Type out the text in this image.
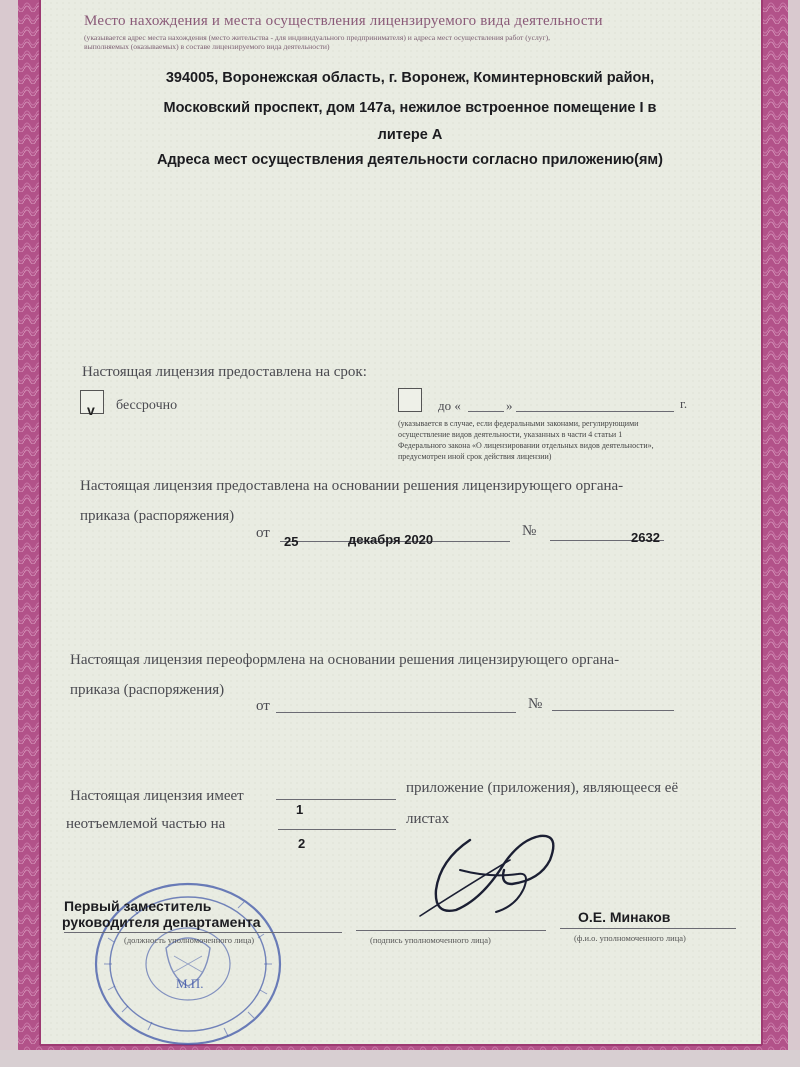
Место нахождения и места осуществления лицензируемого вида деятельности
(указывается адрес места нахождения (место жительства - для индивидуального предпринимателя) и адреса мест осуществления работ (услуг),
выполняемых (оказываемых) в составе лицензируемого вида деятельности)
394005, Воронежская область, г. Воронеж, Коминтерновский район,
Московский проспект, дом 147а, нежилое встроенное помещение I в
литере А
Адреса мест осуществления деятельности согласно приложению(ям)
Настоящая лицензия предоставлена на срок:
v бессрочно	до «	»	г.
(указывается в случае, если федеральными законами, регулирующими
осуществление видов деятельности, указанных в части 4 статьи 1
Федерального закона «О лицензировании отдельных видов деятельности»,
предусмотрен иной срок действия лицензии)
Настоящая лицензия предоставлена на основании решения лицензирующего органа-
приказа (распоряжения)
от
25	декабря 2020
№	2632
Настоящая лицензия переоформлена на основании решения лицензирующего органа-
приказа (распоряжения)
от	№
Настоящая лицензия имеет	приложение (приложения), являющееся её
1
неотъемлемой частью на	листах
2
М.П.
Первый заместитель
руководителя департамента
(должность уполномоченного лица)	(подпись уполномоченного лица)
О.Е. Минаков
(ф.и.о. уполномоченного лица)
